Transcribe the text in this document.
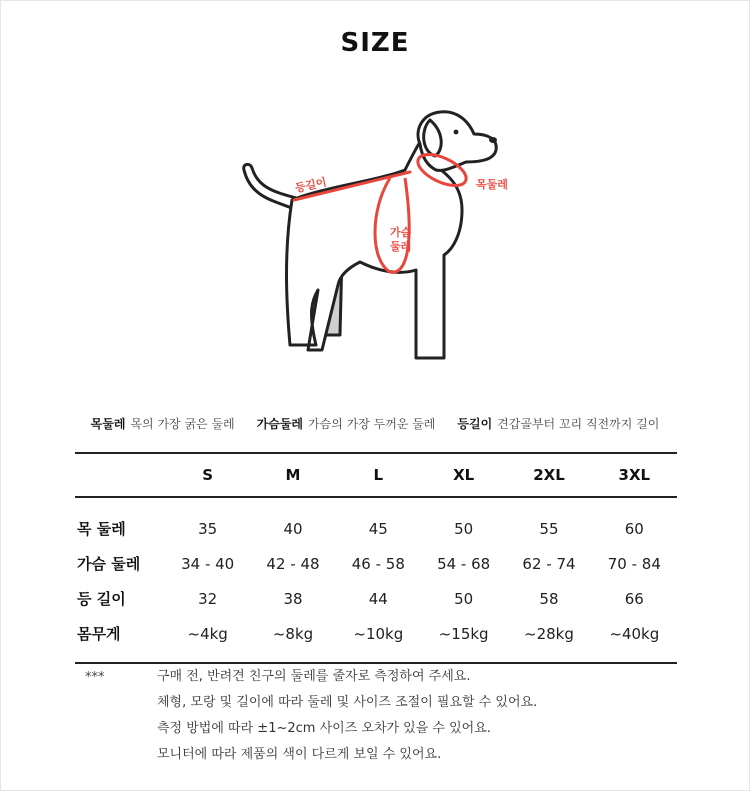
SIZE
등길이	목둘레
가슴
둘레
목둘레 목의 가장 굵은 둘레 가슴둘레 가슴의 가장 두꺼운 둘레 등길이 견갑골부터 꼬리 직전까지 길이
	S	M	L	XL	2XL	3XL
목 둘레	35	40	45	50	55	60
가슴 둘레	34 - 40	42 - 48	46 - 58	54 - 68	62 - 74	70 - 84
등 길이	32	38	44	50	58	66
몸무게	~4kg	~8kg	~10kg	~15kg	~28kg	~40kg
***	구매 전, 반려견 친구의 둘레를 줄자로 측정하여 주세요.
체형, 모랑 및 길이에 따라 둘레 및 사이즈 조절이 필요할 수 있어요.
측정 방법에 따라 ±1~2cm 사이즈 오차가 있을 수 있어요.
모니터에 따라 제품의 색이 다르게 보일 수 있어요.
